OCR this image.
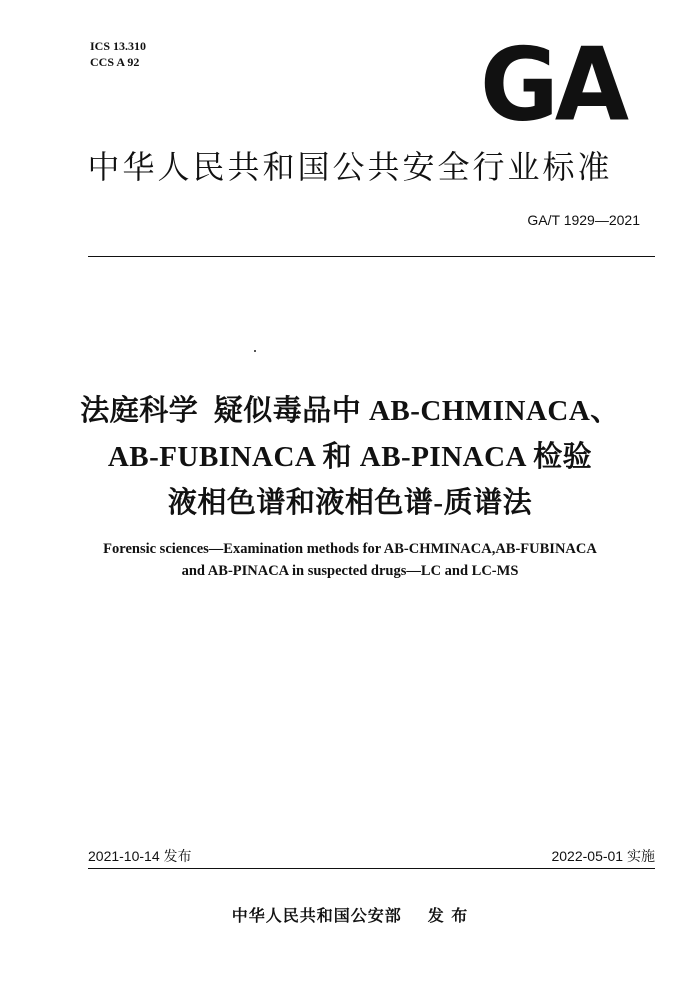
ICS 13.310
CCS A 92	GA
中华人民共和国公共安全行业标准
GA/T 1929—2021
法庭科学  疑似毒品中 AB-CHMINACA、
AB-FUBINACA 和 AB-PINACA 检验
液相色谱和液相色谱-质谱法
Forensic sciences—Examination methods for AB-CHMINACA,AB-FUBINACA
and AB-PINACA in suspected drugs—LC and LC-MS
2021-10-14 发布	2022-05-01 实施
中华人民共和国公安部 发 布
